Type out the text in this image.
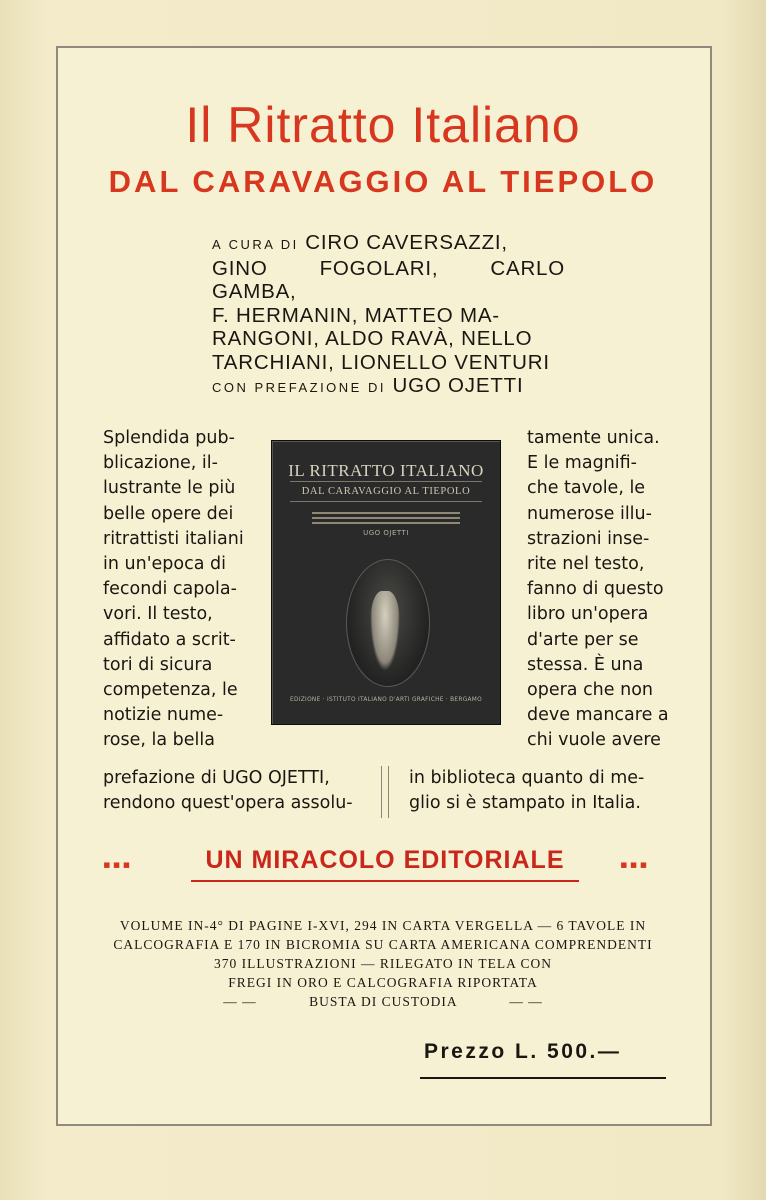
Il Ritratto Italiano
DAL CARAVAGGIO AL TIEPOLO
A CURA DI CIRO CAVERSAZZI,
GINO FOGOLARI, CARLO GAMBA,
F. HERMANIN, MATTEO MA-
RANGONI, ALDO RAVÀ, NELLO
TARCHIANI, LIONELLO VENTURI
CON PREFAZIONE DI UGO OJETTI
Splendida pub-
blicazione, il-
lustrante le più
belle opere dei
ritrattisti italiani
in un'epoca di
fecondi capola-
vori. Il testo,
affidato a scrit-
tori di sicura
competenza, le
notizie nume-
rose, la bella
IL RITRATTO ITALIANO
DAL CARAVAGGIO AL TIEPOLO
UGO OJETTI
EDIZIONE · ISTITUTO ITALIANO D'ARTI GRAFICHE · BERGAMO
tamente unica.
E le magnifi-
che tavole, le
numerose illu-
strazioni inse-
rite nel testo,
fanno di questo
libro un'opera
d'arte per se
stessa. È una
opera che non
deve mancare a
chi vuole avere
prefazione di UGO OJETTI,
rendono quest'opera assolu-
in biblioteca quanto di me-
glio si è stampato in Italia.
▪▪▪	UN MIRACOLO EDITORIALE	▪▪▪
VOLUME IN-4° DI PAGINE I-XVI, 294 IN CARTA VERGELLA — 6 TAVOLE IN
CALCOGRAFIA E 170 IN BICROMIA SU CARTA AMERICANA COMPRENDENTI
370 ILLUSTRAZIONI — RILEGATO IN TELA CON
FREGI IN ORO E CALCOGRAFIA RIPORTATA
— —	BUSTA DI CUSTODIA	— —
Prezzo L. 500.—
